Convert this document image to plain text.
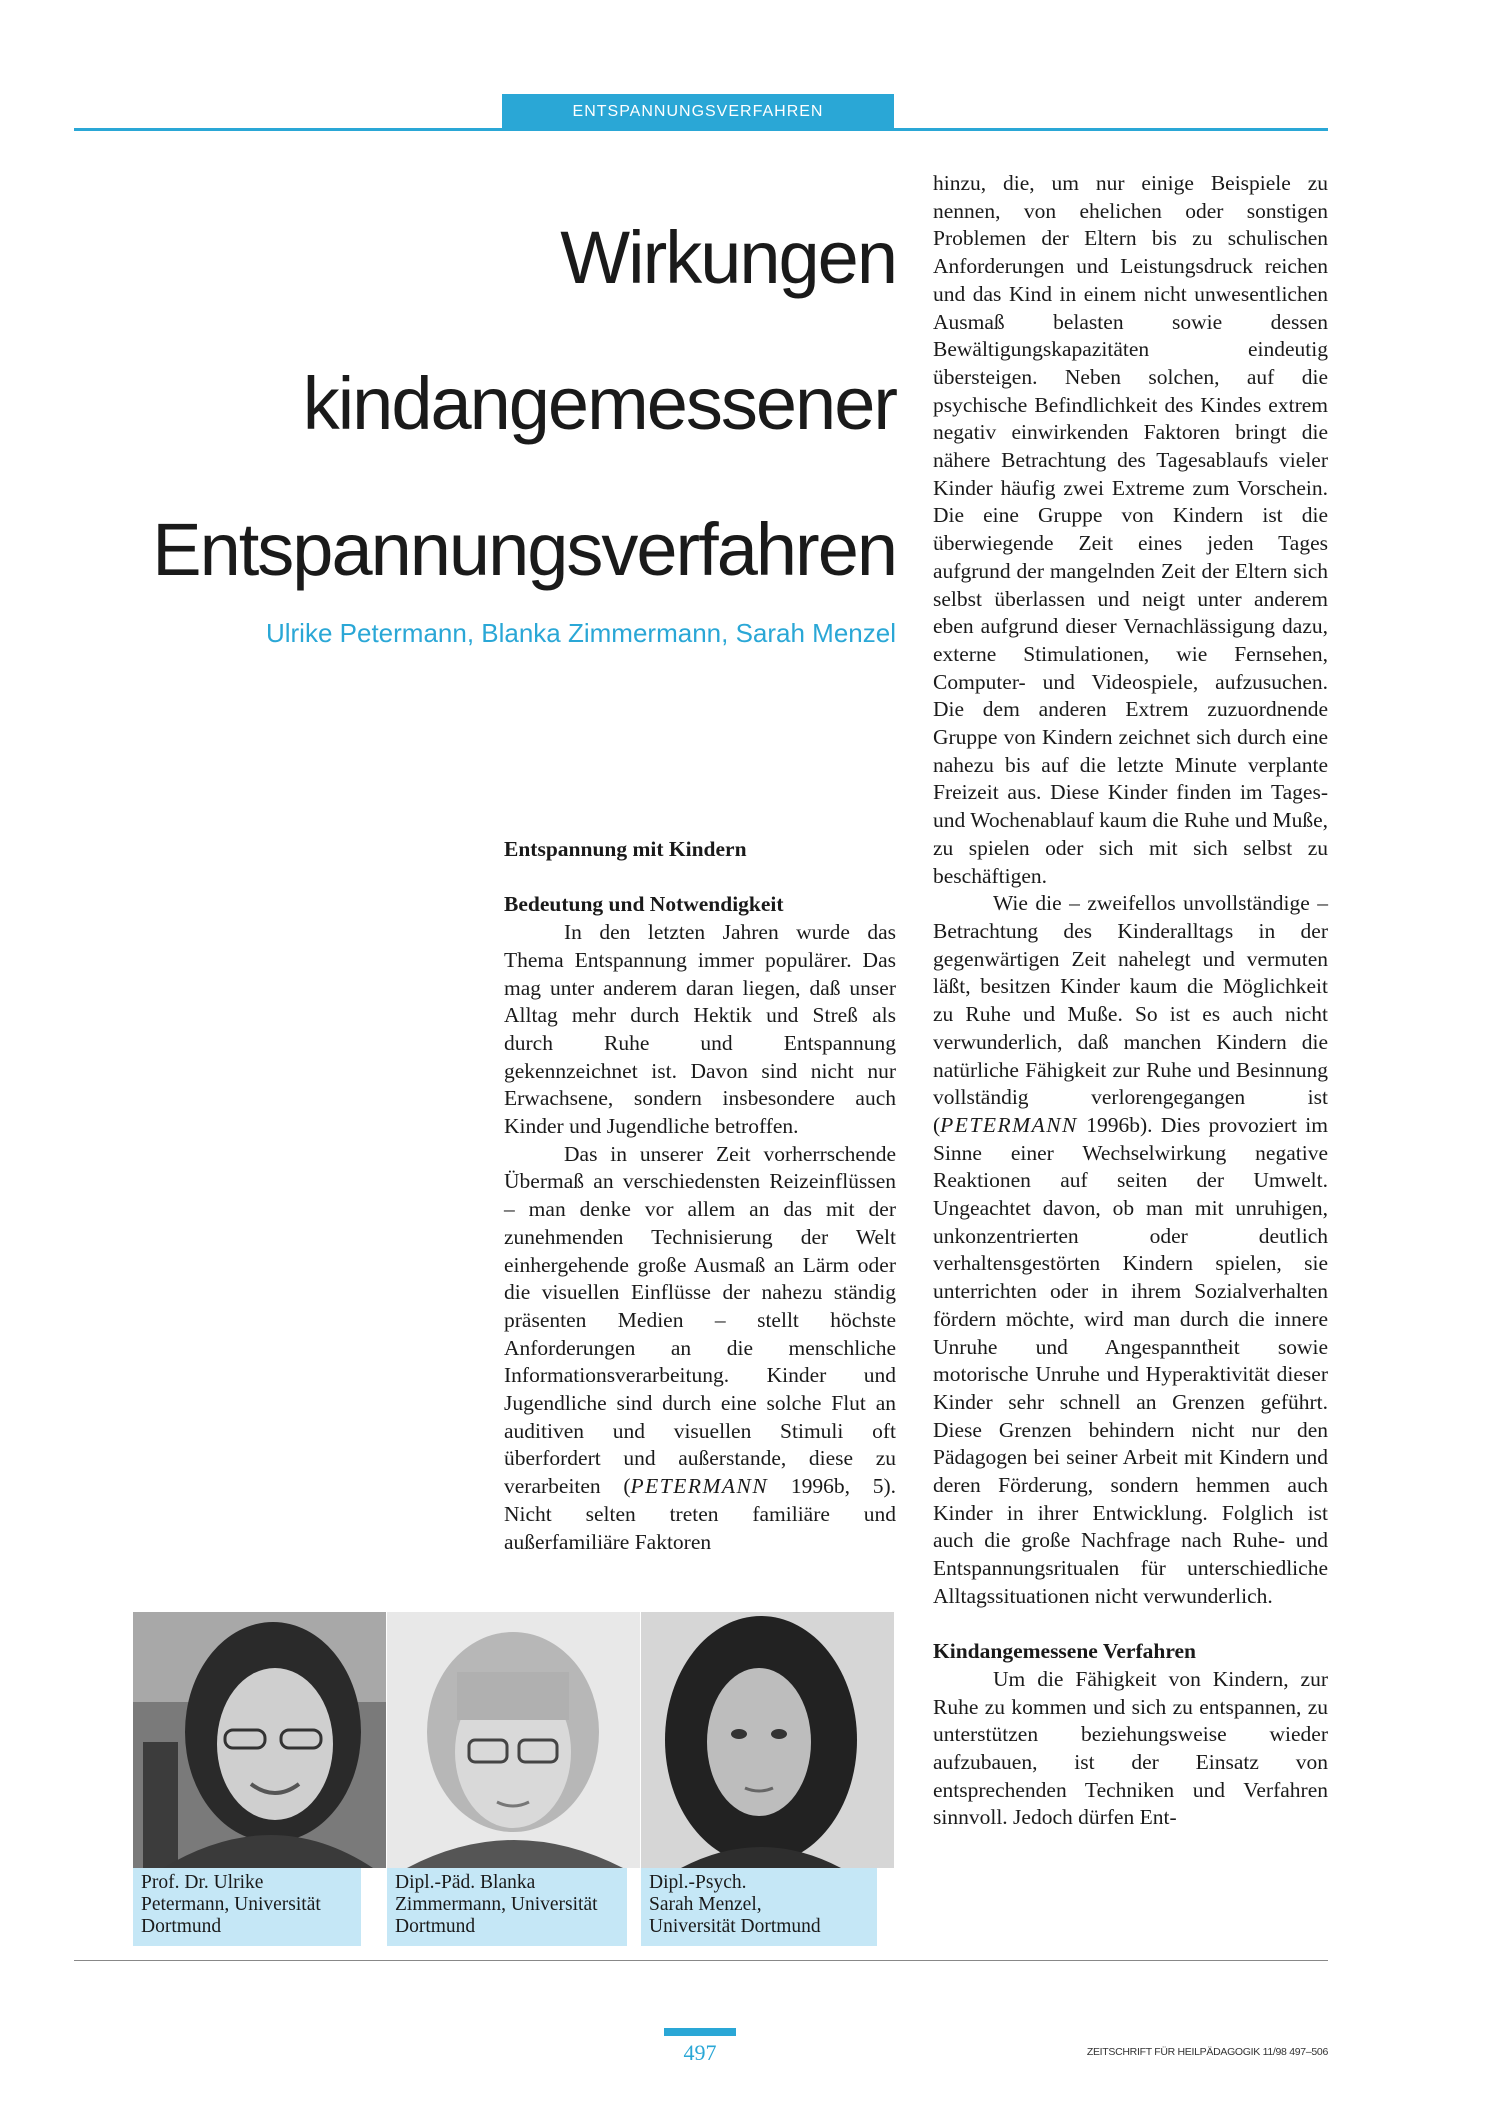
ENTSPANNUNGSVERFAHREN
Wirkungen
kindangemessener
Entspannungsverfahren
Ulrike Petermann, Blanka Zimmermann, Sarah Menzel
Entspannung mit Kindern
Bedeutung und Notwendigkeit

In den letzten Jahren wurde das Thema Entspannung immer populärer. Das mag unter anderem daran liegen, daß unser Alltag mehr durch Hektik und Streß als durch Ruhe und Entspannung gekennzeichnet ist. Davon sind nicht nur Erwachsene, sondern insbesondere auch Kinder und Jugendliche betroffen.

Das in unserer Zeit vorherrschende Übermaß an verschiedensten Reizeinflüssen – man denke vor allem an das mit der zunehmenden Technisierung der Welt einhergehende große Ausmaß an Lärm oder die visuellen Einflüsse der nahezu ständig präsenten Medien – stellt höchste Anforderungen an die menschliche Informationsverarbeitung. Kinder und Jugendliche sind durch eine solche Flut an auditiven und visuellen Stimuli oft überfordert und außerstande, diese zu verarbeiten (PETERMANN 1996b, 5). Nicht selten treten familiäre und außerfamiliäre Faktoren

hinzu, die, um nur einige Beispiele zu nennen, von ehelichen oder sonstigen Problemen der Eltern bis zu schulischen Anforderungen und Leistungsdruck reichen und das Kind in einem nicht unwesentlichen Ausmaß belasten sowie dessen Bewältigungskapazitäten eindeutig übersteigen. Neben solchen, auf die psychische Befindlichkeit des Kindes extrem negativ einwirkenden Faktoren bringt die nähere Betrachtung des Tagesablaufs vieler Kinder häufig zwei Extreme zum Vorschein. Die eine Gruppe von Kindern ist die überwiegende Zeit eines jeden Tages aufgrund der mangelnden Zeit der Eltern sich selbst überlassen und neigt unter anderem eben aufgrund dieser Vernachlässigung dazu, externe Stimulationen, wie Fernsehen, Computer- und Videospiele, aufzusuchen. Die dem anderen Extrem zuzuordnende Gruppe von Kindern zeichnet sich durch eine nahezu bis auf die letzte Minute verplante Freizeit aus. Diese Kinder finden im Tages- und Wochenablauf kaum die Ruhe und Muße, zu spielen oder sich mit sich selbst zu beschäftigen.

Wie die – zweifellos unvollständige – Betrachtung des Kinderalltags in der gegenwärtigen Zeit nahelegt und vermuten läßt, besitzen Kinder kaum die Möglichkeit zu Ruhe und Muße. So ist es auch nicht verwunderlich, daß manchen Kindern die natürliche Fähigkeit zur Ruhe und Besinnung vollständig verlorengegangen ist (PETERMANN 1996b). Dies provoziert im Sinne einer Wechselwirkung negative Reaktionen auf seiten der Umwelt. Ungeachtet davon, ob man mit unruhigen, unkonzentrierten oder deutlich verhaltensgestörten Kindern spielen, sie unterrichten oder in ihrem Sozialverhalten fördern möchte, wird man durch die innere Unruhe und Angespanntheit sowie motorische Unruhe und Hyperaktivität dieser Kinder sehr schnell an Grenzen geführt. Diese Grenzen behindern nicht nur den Pädagogen bei seiner Arbeit mit Kindern und deren Förderung, sondern hemmen auch Kinder in ihrer Entwicklung. Folglich ist auch die große Nachfrage nach Ruhe- und Entspannungsritualen für unterschiedliche Alltagssituationen nicht verwunderlich.

Kindangemessene Verfahren

Um die Fähigkeit von Kindern, zur Ruhe zu kommen und sich zu entspannen, zu unterstützen beziehungsweise wieder aufzubauen, ist der Einsatz von entsprechenden Techniken und Verfahren sinnvoll. Jedoch dürfen Ent-

Prof. Dr. Ulrike
Petermann, Universität
Dortmund
Dipl.-Päd. Blanka
Zimmermann, Universität
Dortmund
Dipl.-Psych.
Sarah Menzel,
Universität Dortmund
497	ZEITSCHRIFT FÜR HEILPÄDAGOGIK 11/98 497–506
